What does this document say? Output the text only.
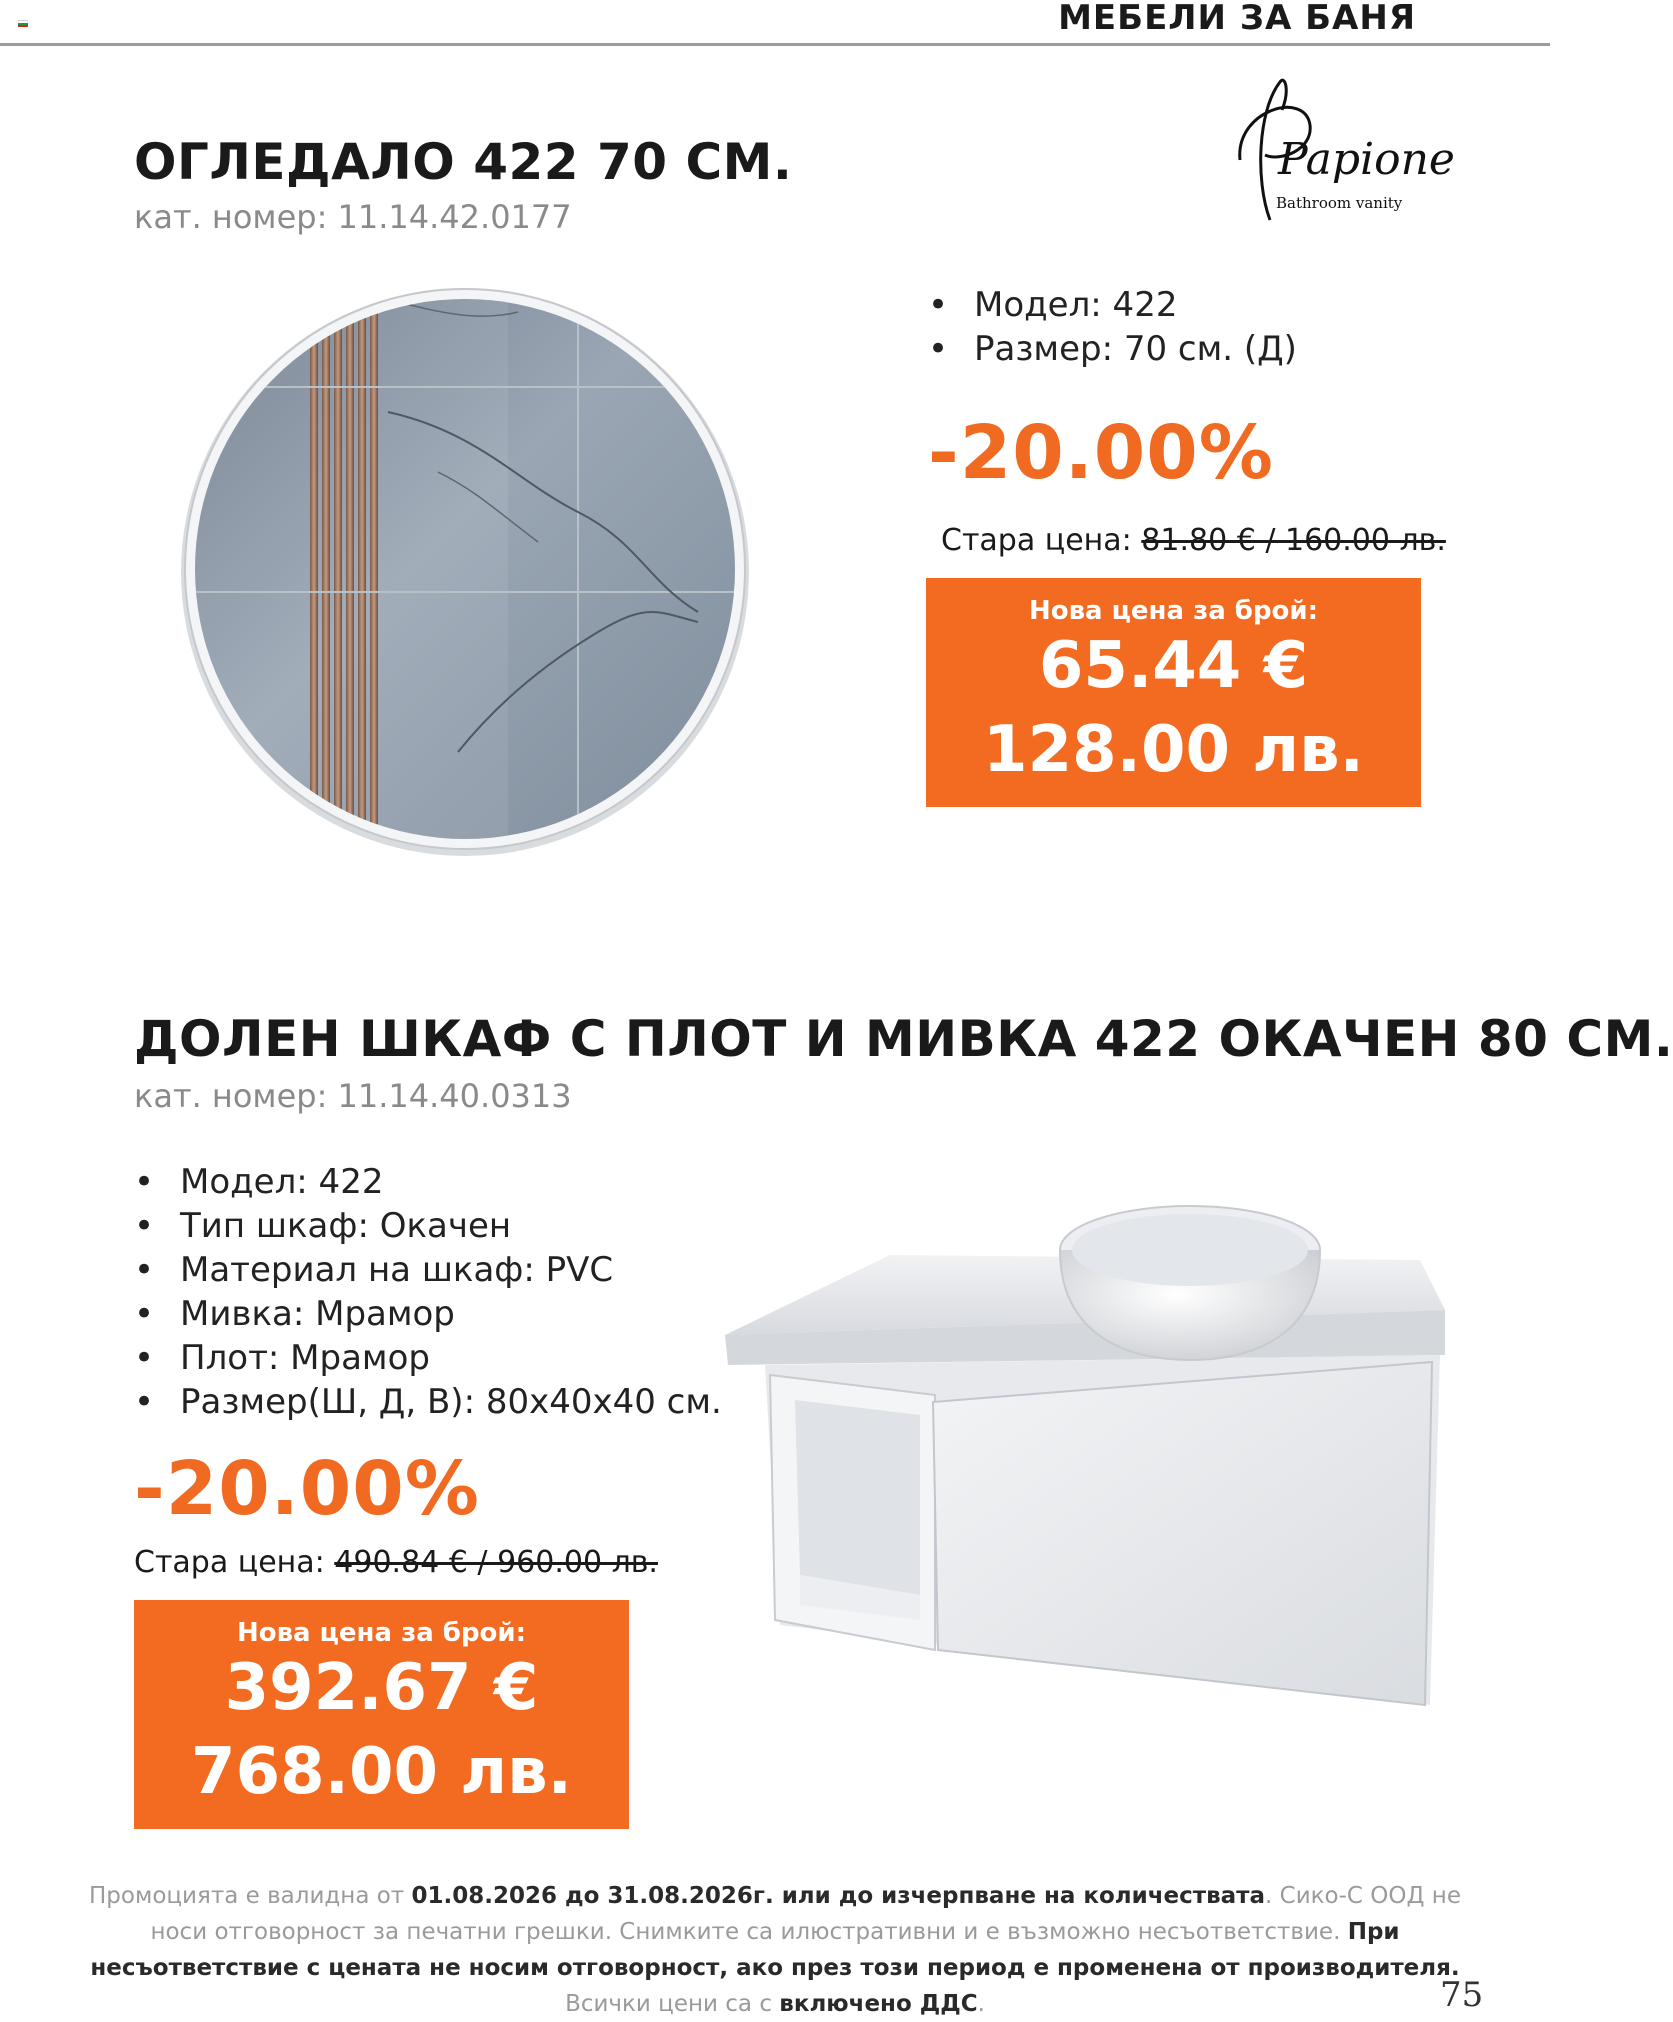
МЕБЕЛИ ЗА БАНЯ
ОГЛЕДАЛО 422 70 СМ.
кат. номер: 11.14.42.0177
Papione
Bathroom vanity
• Модел: 422
• Размер: 70 см. (Д)
-20.00%
Стара цена: 81.80 € / 160.00 лв.
Нова цена за брой:
65.44 €
128.00 лв.
ДОЛЕН ШКАФ С ПЛОТ И МИВКА 422 ОКАЧЕН 80 СМ.
кат. номер: 11.14.40.0313
• Модел: 422
• Тип шкаф: Окачен
• Материал на шкаф: PVC
• Мивка: Мрамор
• Плот: Мрамор
• Размер(Ш, Д, В): 80x40x40 см.
-20.00%
Стара цена: 490.84 € / 960.00 лв.
Нова цена за брой:
392.67 €
768.00 лв.
Промоцията е валидна от 01.08.2026 до 31.08.2026г. или до изчерпване на количествата. Сико-С ООД не носи отговорност за печатни грешки. Снимките са илюстративни и е възможно несъответствие. При несъответствие с цената не носим отговорност, ако през този период е променена от производителя. Всички цени са с включено ДДС.	75
